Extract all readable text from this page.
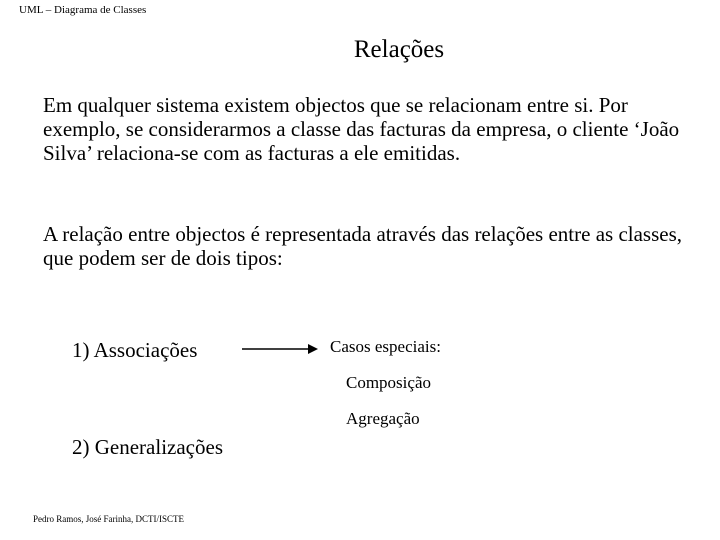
UML – Diagrama de Classes
Relações

Em qualquer sistema existem objectos que se relacionam entre si. Por exemplo, se considerarmos a classe das facturas da empresa, o cliente ‘João Silva’ relaciona-se com as facturas a ele emitidas.

A relação entre objectos é representada através das relações entre as classes, que podem ser de dois tipos:

1) Associações	Casos especiais:
Composição
Agregação
2) Generalizações
Pedro Ramos, José Farinha, DCTI/ISCTE
